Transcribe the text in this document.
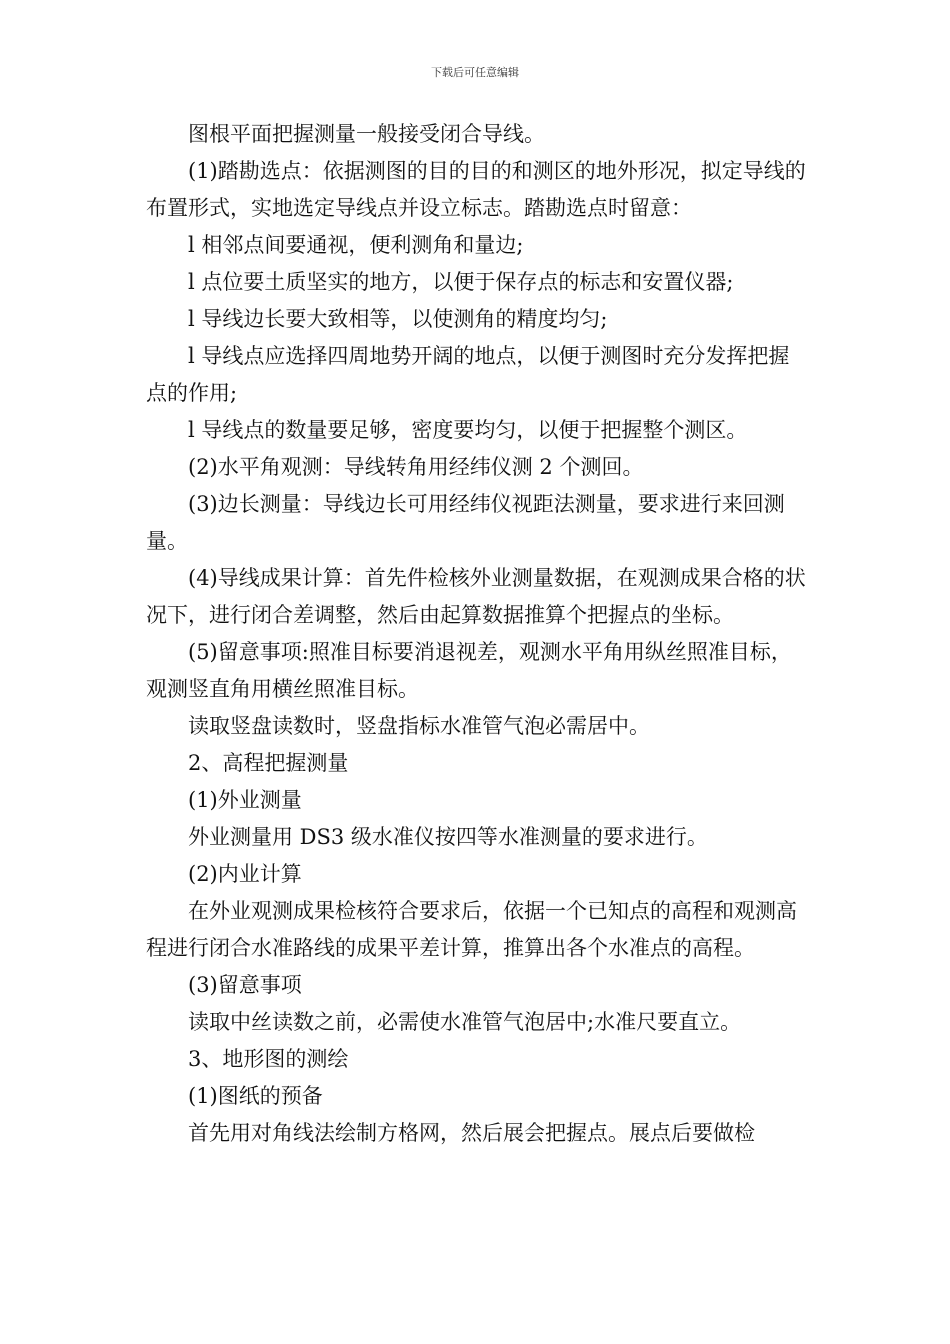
下载后可任意编辑

图根平面把握测量一般接受闭合导线。

(1)踏勘选点：依据测图的目的目的和测区的地外形况，拟定导线的布置形式，实地选定导线点并设立标志。踏勘选点时留意：

l 相邻点间要通视，便利测角和量边;

l 点位要土质坚实的地方，以便于保存点的标志和安置仪器;

l 导线边长要大致相等，以使测角的精度均匀;

l 导线点应选择四周地势开阔的地点，以便于测图时充分发挥把握点的作用;

l 导线点的数量要足够，密度要均匀，以便于把握整个测区。

(2)水平角观测：导线转角用经纬仪测 2 个测回。

(3)边长测量：导线边长可用经纬仪视距法测量，要求进行来回测量。

(4)导线成果计算：首先件检核外业测量数据，在观测成果合格的状况下，进行闭合差调整，然后由起算数据推算个把握点的坐标。

(5)留意事项:照准目标要消退视差，观测水平角用纵丝照准目标，观测竖直角用横丝照准目标。

读取竖盘读数时，竖盘指标水准管气泡必需居中。

2、高程把握测量

(1)外业测量

外业测量用 DS3 级水准仪按四等水准测量的要求进行。

(2)内业计算

在外业观测成果检核符合要求后，依据一个已知点的高程和观测高程进行闭合水准路线的成果平差计算，推算出各个水准点的高程。

(3)留意事项

读取中丝读数之前，必需使水准管气泡居中;水准尺要直立。

3、地形图的测绘

(1)图纸的预备

首先用对角线法绘制方格网，然后展会把握点。展点后要做检
